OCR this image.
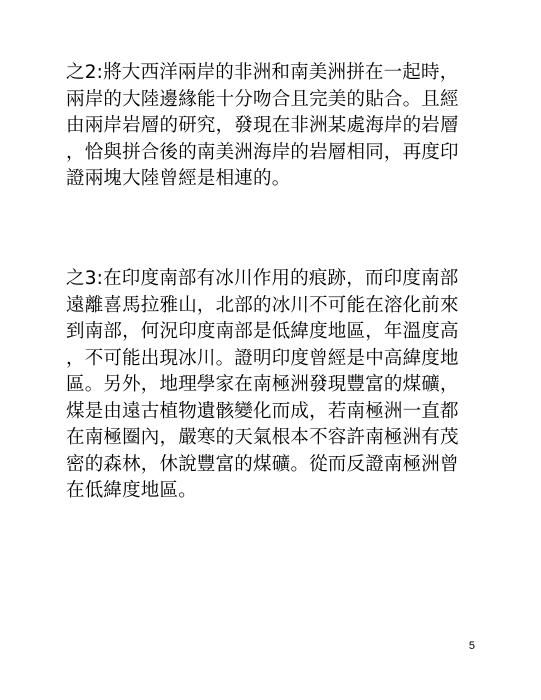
之2:將大西洋兩岸的非洲和南美洲拼在一起時，
兩岸的大陸邊緣能十分吻合且完美的貼合。且經
由兩岸岩層的研究，發現在非洲某處海岸的岩層
，恰與拼合後的南美洲海岸的岩層相同，再度印
證兩塊大陸曾經是相連的。

之3:在印度南部有冰川作用的痕跡，而印度南部
遠離喜馬拉雅山，北部的冰川不可能在溶化前來
到南部，何況印度南部是低緯度地區，年溫度高
，不可能出現冰川。證明印度曾經是中高緯度地
區。另外，地理學家在南極洲發現豐富的煤礦，
煤是由遠古植物遺骸變化而成，若南極洲一直都
在南極圈內，嚴寒的天氣根本不容許南極洲有茂
密的森林，休說豐富的煤礦。從而反證南極洲曾
在低緯度地區。

5
